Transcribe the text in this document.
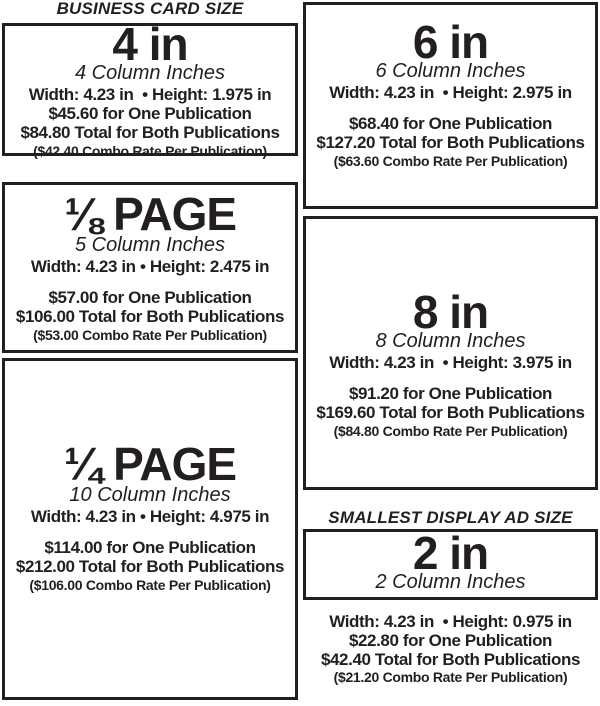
BUSINESS CARD SIZE
4 in
4 Column Inches
Width: 4.23 in  • Height: 1.975 in
$45.60 for One Publication
$84.80 Total for Both Publications
($42.40 Combo Rate Per Publication)
⅛ PAGE
5 Column Inches
Width: 4.23 in • Height: 2.475 in
$57.00 for One Publication
$106.00 Total for Both Publications
($53.00 Combo Rate Per Publication)
¼ PAGE
10 Column Inches
Width: 4.23 in • Height: 4.975 in
$114.00 for One Publication
$212.00 Total for Both Publications
($106.00 Combo Rate Per Publication)
6 in
6 Column Inches
Width: 4.23 in  • Height: 2.975 in
$68.40 for One Publication
$127.20 Total for Both Publications
($63.60 Combo Rate Per Publication)
8 in
8 Column Inches
Width: 4.23 in  • Height: 3.975 in
$91.20 for One Publication
$169.60 Total for Both Publications
($84.80 Combo Rate Per Publication)
SMALLEST DISPLAY AD SIZE
2 in
2 Column Inches
Width: 4.23 in  • Height: 0.975 in
$22.80 for One Publication
$42.40 Total for Both Publications
($21.20 Combo Rate Per Publication)
